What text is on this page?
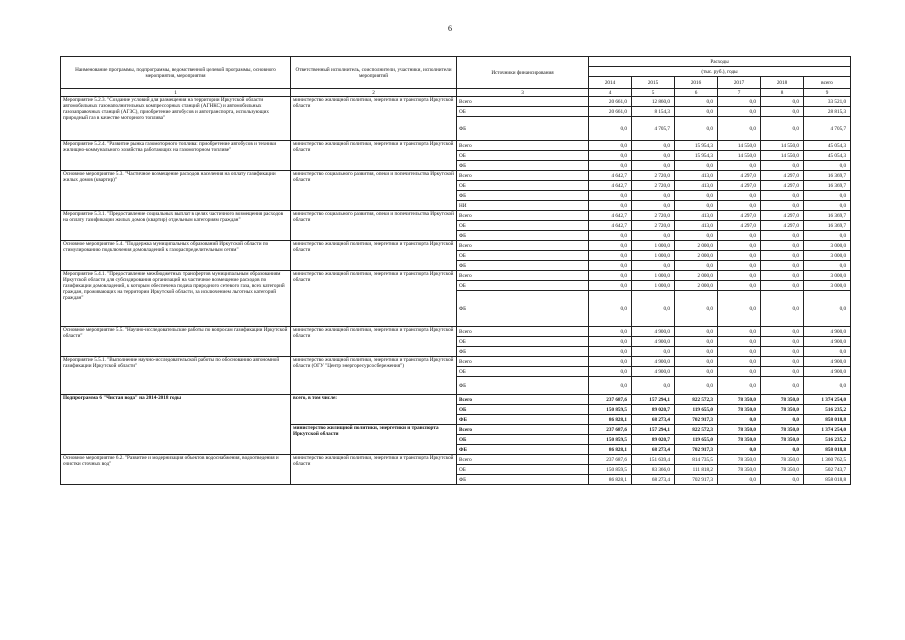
6
Наименование программы, подпрограммы, ведомственной целевой программы, основного мероприятия, мероприятия	Ответственный исполнитель, соисполнители, участники, исполнители мероприятий	Источники финансирования	Расходы					
			(тыс. руб.), годы					
			2014	2015	2016	2017	2018	всего
1	2	3	4	5	6	7	8	9
Мероприятие 5.2.3. "Создание условий для размещения на территории Иркутской области автомобильных газонаполнительных компрессорных станций (АГНКС) и автомобильных газозаправочных станций (АГЗС), приобретение автобусов и автотранспорта, использующих природный газ в качестве моторного топлива"	министерство жилищной политики, энергетики и транспорта Иркутской области	Всего	20 661,0	12 860,0	0,0	0,0	0,0	33 521,0
		ОБ	20 661,0	8 154,3	0,0	0,0	0,0	28 815,3
		ФБ	0,0	4 705,7	0,0	0,0	0,0	4 705,7
Мероприятие 5.2.4. "Развитие рынка газомоторного топлива: приобретение автобусов и техники жилищно-коммунального хозяйства работающих на газомоторном топливе"	министерство жилищной политики, энергетики и транспорта Иркутской области	Всего	0,0	0,0	15 954,3	14 550,0	14 550,0	45 054,3
		ОБ	0,0	0,0	15 954,3	14 550,0	14 550,0	45 054,3
		ФБ	0,0	0,0	0,0	0,0	0,0	0,0
Основное мероприятие 5.3. "Частичное возмещение расходов населения на оплату газификации жилых домов (квартир)"	министерство социального развития, опеки и попечительства Иркутской области	Всего	4 642,7	2 720,0	413,0	4 297,0	4 297,0	16 369,7
		ОБ	4 642,7	2 720,0	413,0	4 297,0	4 297,0	16 369,7
		ФБ	0,0	0,0	0,0	0,0	0,0	0,0
		НИ	0,0	0,0	0,0	0,0	0,0	0,0
Мероприятие 5.3.1. "Предоставление социальных выплат в целях частичного возмещения расходов на оплату газификации жилых домов (квартир) отдельным категориям граждан"	министерство социального развития, опеки и попечительства Иркутской области	Всего	4 642,7	2 720,0	413,0	4 297,0	4 297,0	16 369,7
		ОБ	4 642,7	2 720,0	413,0	4 297,0	4 297,0	16 369,7
		ФБ	0,0	0,0	0,0	0,0	0,0	0,0
Основное мероприятие 5.4. "Поддержка муниципальных образований Иркутской области по стимулированию подключения домовладений к газораспределительным сетям"	министерство жилищной политики, энергетики и транспорта Иркутской области	Всего	0,0	1 000,0	2 000,0	0,0	0,0	3 000,0
		ОБ	0,0	1 000,0	2 000,0	0,0	0,0	3 000,0
		ФБ	0,0	0,0	0,0	0,0	0,0	0,0
Мероприятие 5.4.1. "Предоставление межбюджетных трансфертов муниципальным образованиям Иркутской области для субсидирования организаций на частичное возмещение расходов по газификации домовладений, к которым обеспечена подача природного сетевого газа, всех категорий граждан, проживающих на территории Иркутской области, за исключением льготных категорий граждан"	министерство жилищной политики, энергетики и транспорта Иркутской области	Всего	0,0	1 000,0	2 000,0	0,0	0,0	3 000,0
		ОБ	0,0	1 000,0	2 000,0	0,0	0,0	3 000,0
		ФБ	0,0	0,0	0,0	0,0	0,0	0,0
Основное мероприятие 5.5. "Научно-исследовательские работы по вопросам газификации Иркутской области"	министерство жилищной политики, энергетики и транспорта Иркутской области	Всего	0,0	4 900,0	0,0	0,0	0,0	4 900,0
		ОБ	0,0	4 900,0	0,0	0,0	0,0	4 900,0
		ФБ	0,0	0,0	0,0	0,0	0,0	0,0
Мероприятие 5.5.1. "Выполнение научно-исследовательской работы по обоснованию автономной газификации Иркутской области"	министерство жилищной политики, энергетики и транспорта Иркутской области (ОГУ "Центр энергоресурсосбережения")	Всего	0,0	4 900,0	0,0	0,0	0,0	4 900,0
		ОБ	0,0	4 900,0	0,0	0,0	0,0	4 900,0
		ФБ	0,0	0,0	0,0	0,0	0,0	0,0
Подпрограмма 6 "Чистая вода" на 2014-2018 годы	всего, в том числе:	Всего	237 687,6	157 294,1	822 572,3	78 350,0	78 350,0	1 374 254,0
		ОБ	150 859,5	89 020,7	119 655,0	78 350,0	78 350,0	516 235,2
		ФБ	86 828,1	68 273,4	702 917,3	0,0	0,0	858 018,8
	министерство жилищной политики, энергетики и транспорта Иркутской области	Всего	237 687,6	157 294,1	822 572,3	78 350,0	78 350,0	1 374 254,0
		ОБ	150 859,5	89 020,7	119 655,0	78 350,0	78 350,0	516 235,2
		ФБ	86 828,1	68 273,4	702 917,3	0,0	0,0	858 018,8
Основное мероприятие 6.2. "Развитие и модернизация объектов водоснабжения, водоотведения и очистки сточных вод"	министерство жилищной политики, энергетики и транспорта Иркутской области	Всего	237 687,6	151 639,4	814 735,5	78 350,0	78 350,0	1 360 762,5
		ОБ	150 859,5	83 366,0	111 818,2	78 350,0	78 350,0	502 743,7
		ФБ	86 828,1	68 273,4	702 917,3	0,0	0,0	858 018,8
